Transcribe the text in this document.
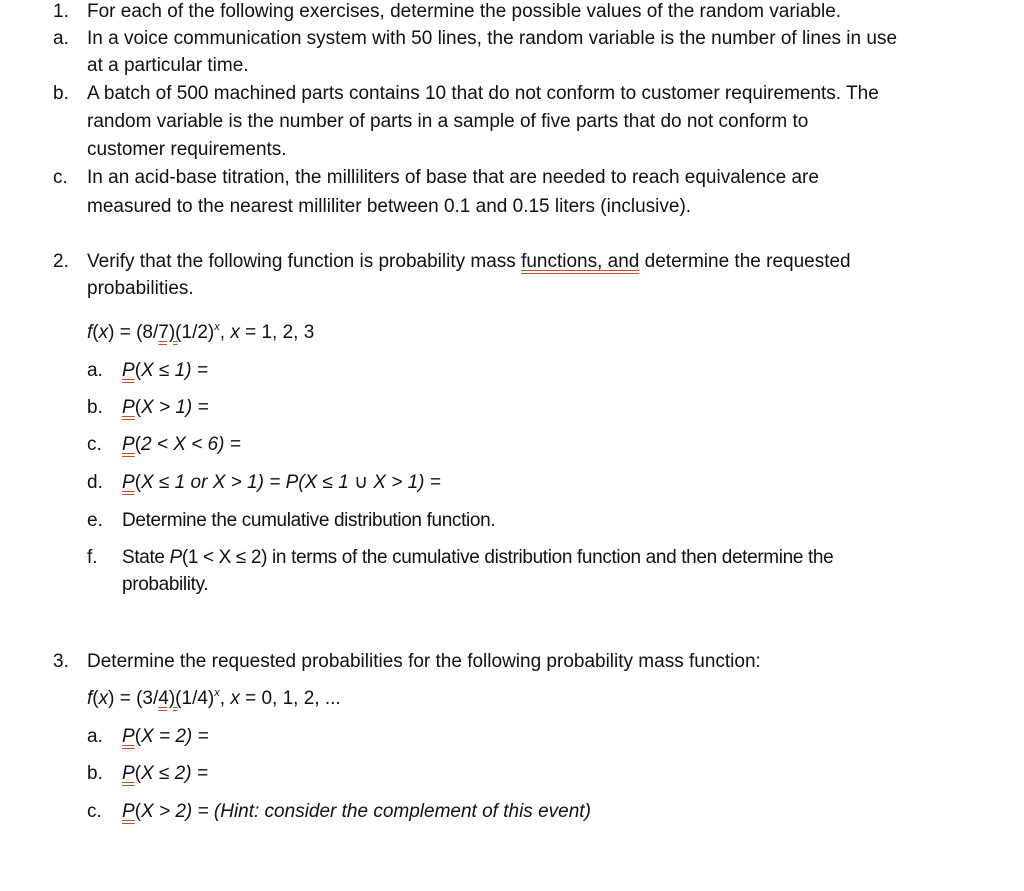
1. For each of the following exercises, determine the possible values of the random variable.
a. In a voice communication system with 50 lines, the random variable is the number of lines in use
at a particular time.
b. A batch of 500 machined parts contains 10 that do not conform to customer requirements. The
random variable is the number of parts in a sample of five parts that do not conform to
customer requirements.
c. In an acid-base titration, the milliliters of base that are needed to reach equivalence are
measured to the nearest milliliter between 0.1 and 0.15 liters (inclusive).
2. Verify that the following function is probability mass functions, and determine the requested
probabilities.
$f(x) = (8/7)(1/2)^x$, x = 1, 2, 3
a. P(X ≤ 1) =
b. P(X > 1) =
c. P(2 < X < 6) =
d. P(X ≤ 1 or X > 1) = P(X ≤ 1 ∪ X > 1) =
e. Determine the cumulative distribution function.
f. State P(1 < X ≤ 2) in terms of the cumulative distribution function and then determine the
probability.
3. Determine the requested probabilities for the following probability mass function:
$f(x) = (3/4)(1/4)^x$, x = 0, 1, 2, ...
a. P(X = 2) =
b. P(X ≤ 2) =
c. P(X > 2) = (Hint: consider the complement of this event)
